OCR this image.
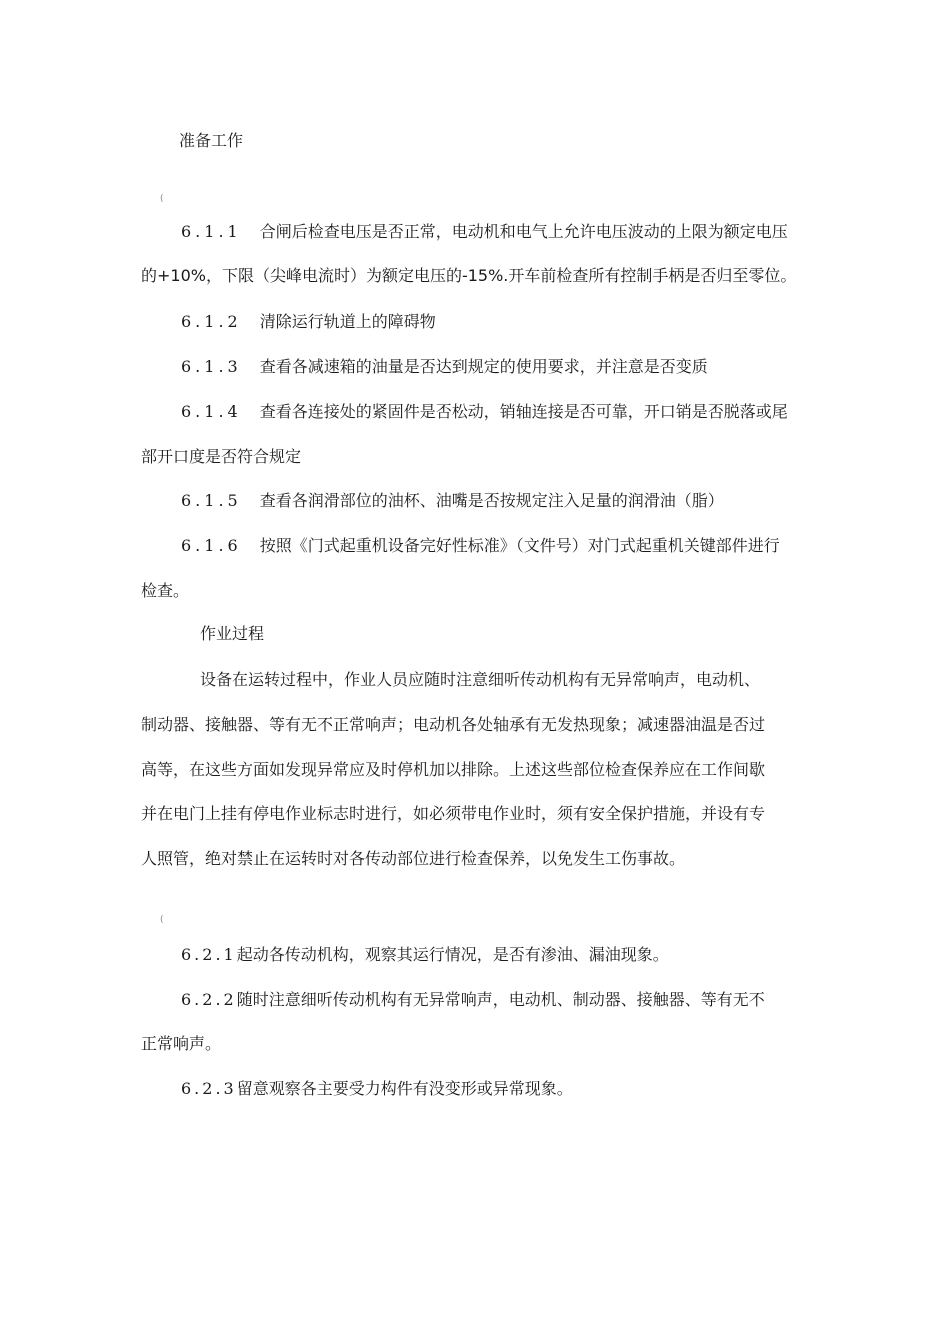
准备工作
(
6.1.1 合闸后检查电压是否正常，电动机和电气上允许电压波动的上限为额定电压
的+10%，下限（尖峰电流时）为额定电压的-15%.开车前检查所有控制手柄是否归至零位。
6.1.2 清除运行轨道上的障碍物
6.1.3 查看各减速箱的油量是否达到规定的使用要求，并注意是否变质
6.1.4 查看各连接处的紧固件是否松动，销轴连接是否可靠，开口销是否脱落或尾
部开口度是否符合规定
6.1.5 查看各润滑部位的油杯、油嘴是否按规定注入足量的润滑油（脂）
6.1.6 按照《门式起重机设备完好性标准》（文件号）对门式起重机关键部件进行
检查。
作业过程
设备在运转过程中，作业人员应随时注意细听传动机构有无异常响声，电动机、
制动器、接触器、等有无不正常响声；电动机各处轴承有无发热现象；减速器油温是否过
高等，在这些方面如发现异常应及时停机加以排除。上述这些部位检查保养应在工作间歇
并在电门上挂有停电作业标志时进行，如必须带电作业时，须有安全保护措施，并设有专
人照管，绝对禁止在运转时对各传动部位进行检查保养，以免发生工伤事故。
(
6.2.1起动各传动机构，观察其运行情况，是否有渗油、漏油现象。
6.2.2随时注意细听传动机构有无异常响声，电动机、制动器、接触器、等有无不
正常响声。
6.2.3留意观察各主要受力构件有没变形或异常现象。
